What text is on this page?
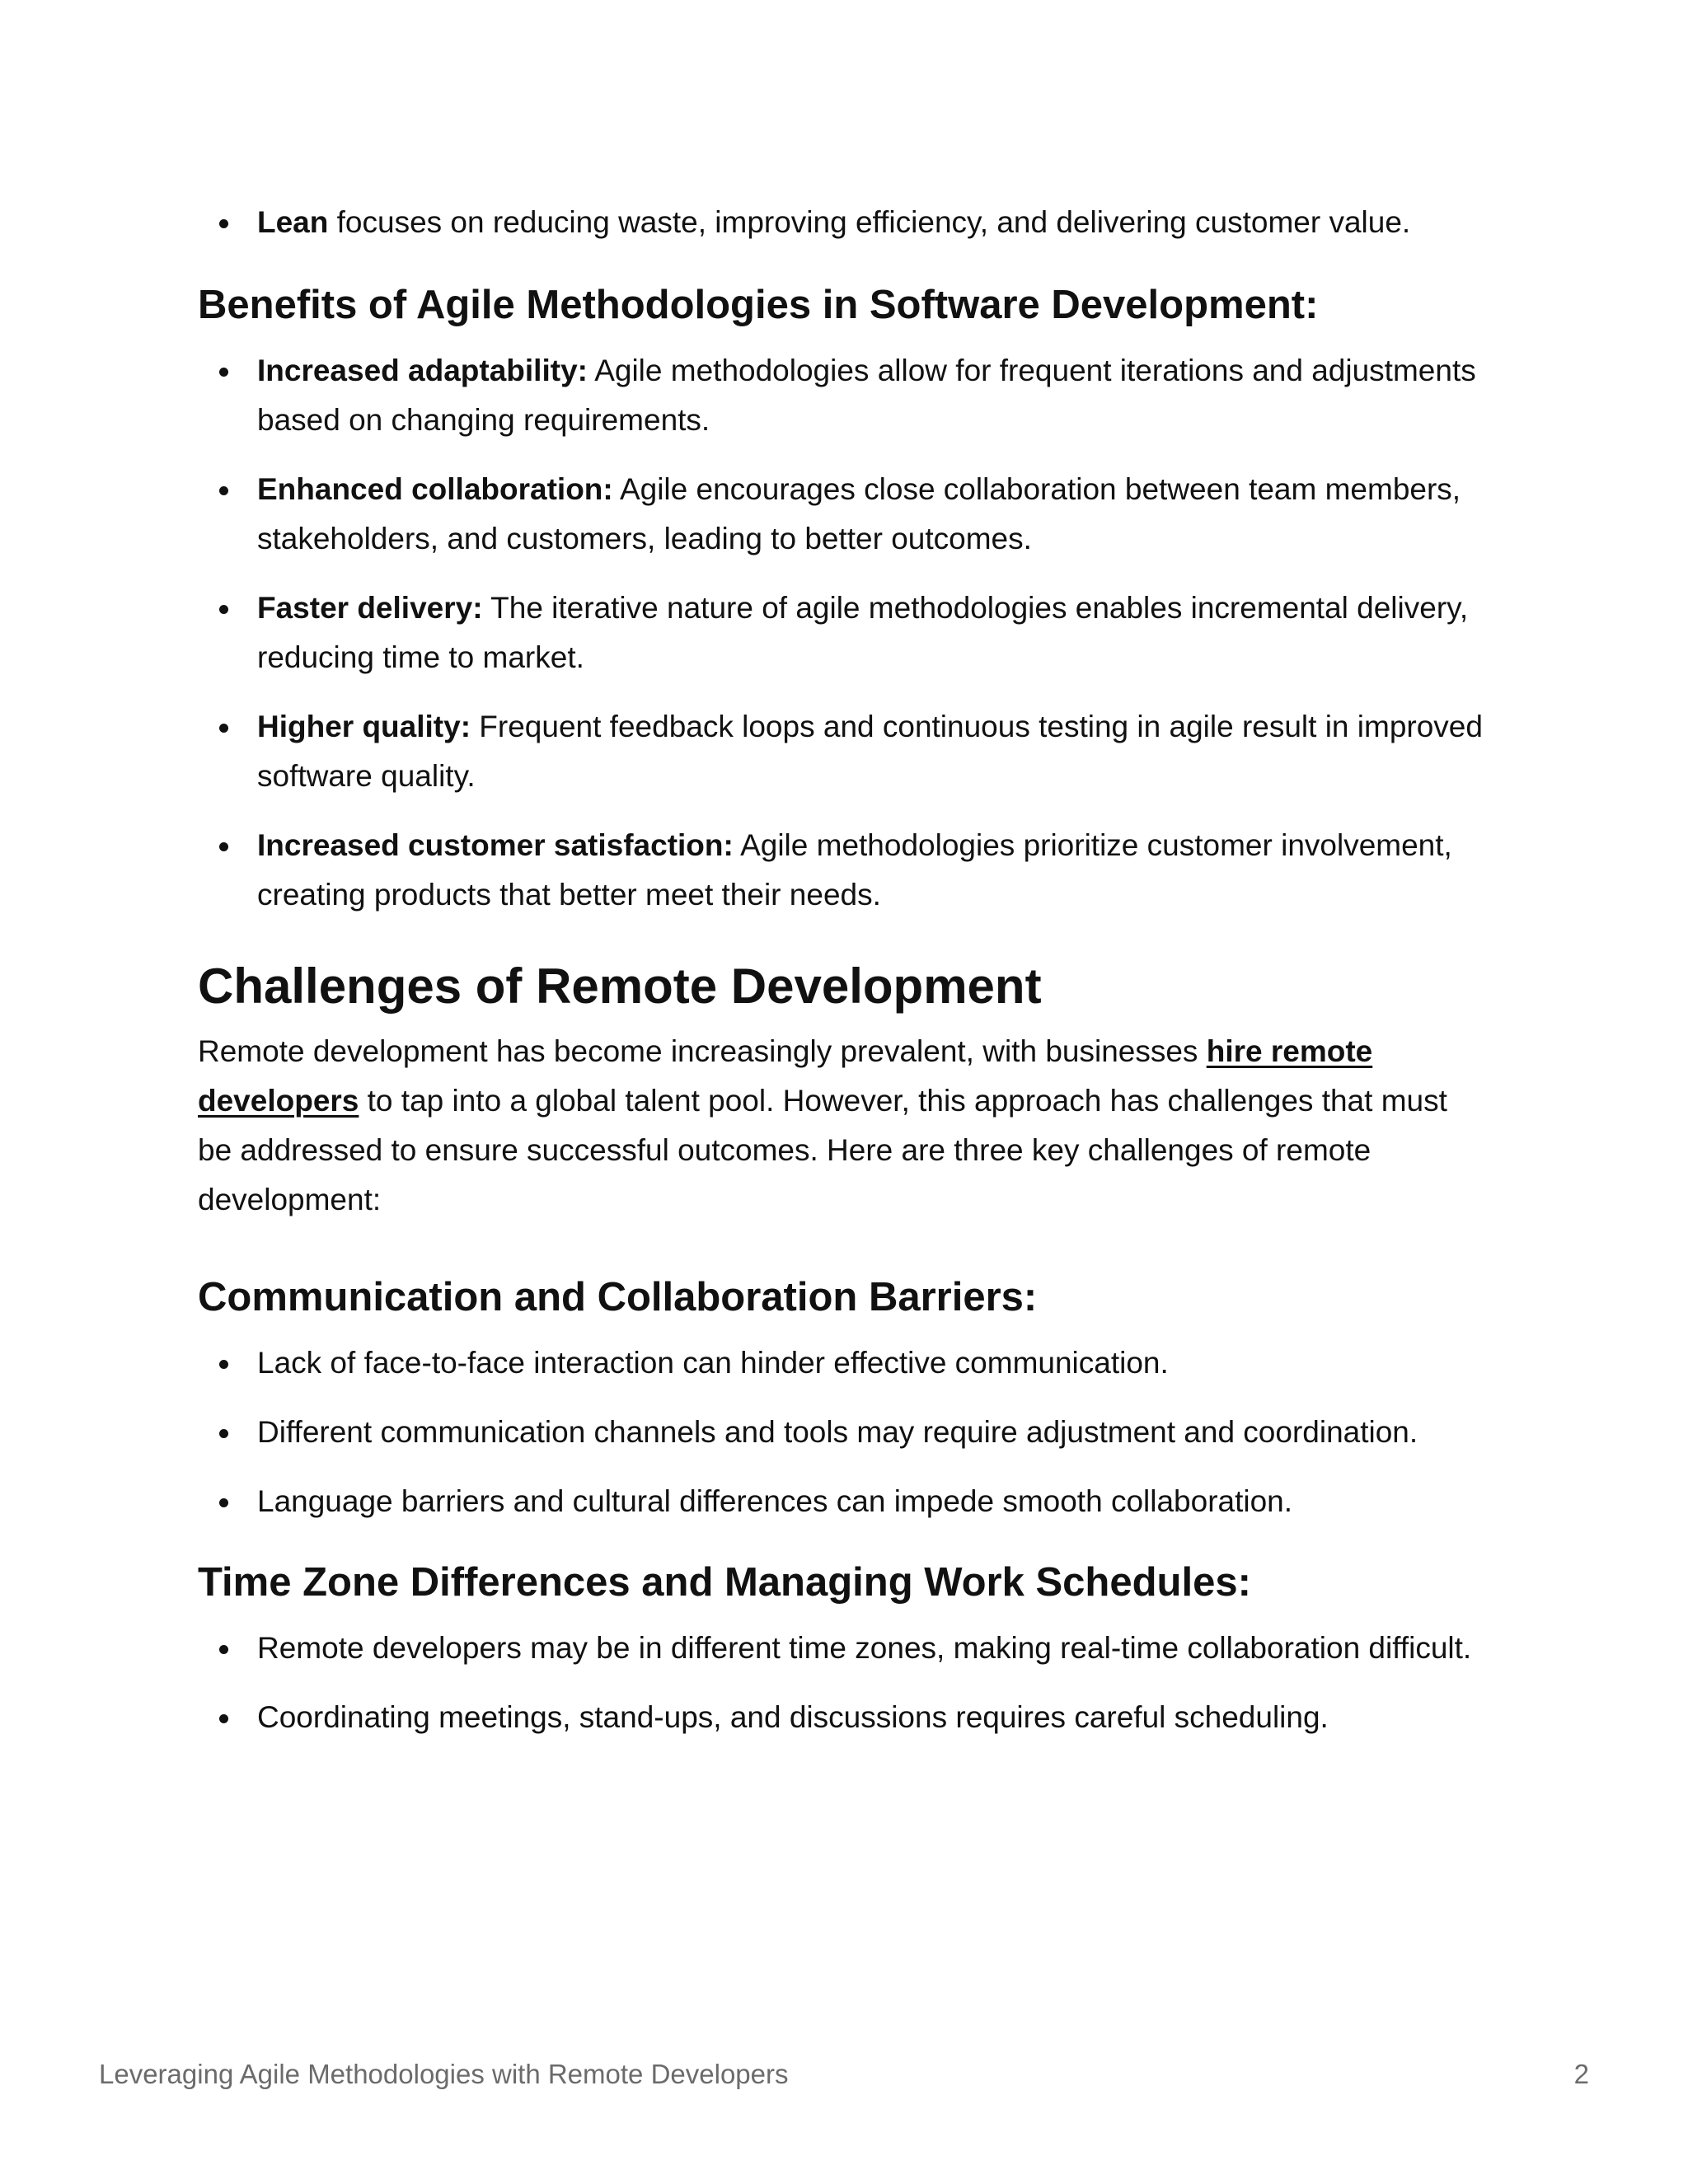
Lean focuses on reducing waste, improving efficiency, and delivering customer value.
Benefits of Agile Methodologies in Software Development:
Increased adaptability: Agile methodologies allow for frequent iterations and adjustments based on changing requirements.
Enhanced collaboration: Agile encourages close collaboration between team members, stakeholders, and customers, leading to better outcomes.
Faster delivery: The iterative nature of agile methodologies enables incremental delivery, reducing time to market.
Higher quality: Frequent feedback loops and continuous testing in agile result in improved software quality.
Increased customer satisfaction: Agile methodologies prioritize customer involvement, creating products that better meet their needs.
Challenges of Remote Development

Remote development has become increasingly prevalent, with businesses hire remote developers to tap into a global talent pool. However, this approach has challenges that must be addressed to ensure successful outcomes. Here are three key challenges of remote development:

Communication and Collaboration Barriers:
Lack of face-to-face interaction can hinder effective communication.
Different communication channels and tools may require adjustment and coordination.
Language barriers and cultural differences can impede smooth collaboration.
Time Zone Differences and Managing Work Schedules:
Remote developers may be in different time zones, making real-time collaboration difficult.
Coordinating meetings, stand-ups, and discussions requires careful scheduling.
Leveraging Agile Methodologies with Remote Developers	2
